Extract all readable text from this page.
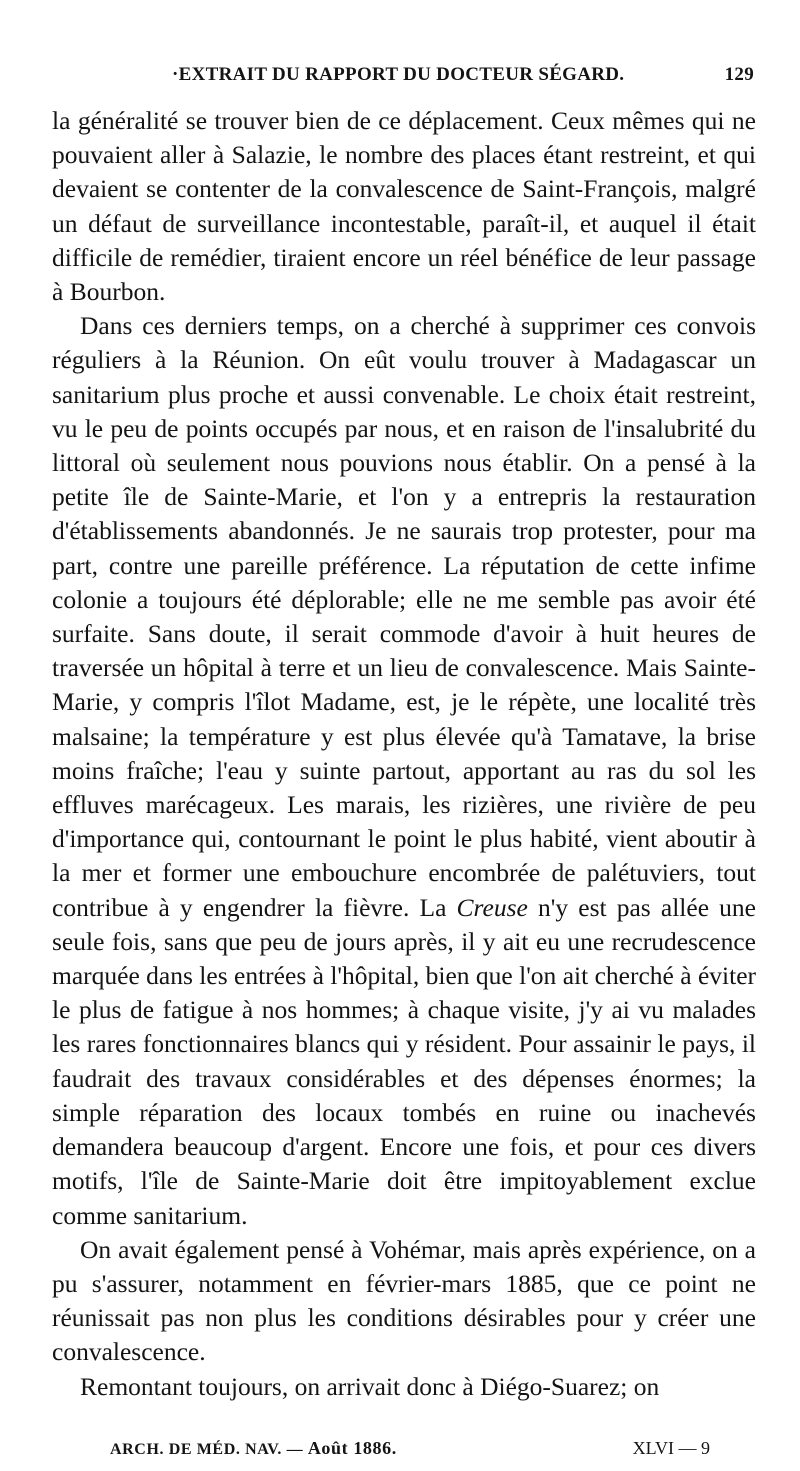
·EXTRAIT DU RAPPORT DU DOCTEUR SÉGARD.	129

la généralité se trouver bien de ce déplacement. Ceux mêmes qui ne pouvaient aller à Salazie, le nombre des places étant restreint, et qui devaient se contenter de la convalescence de Saint-François, malgré un défaut de surveillance incontestable, paraît-il, et auquel il était difficile de remédier, tiraient encore un réel bénéfice de leur passage à Bourbon.

Dans ces derniers temps, on a cherché à supprimer ces convois réguliers à la Réunion. On eût voulu trouver à Madagascar un sanitarium plus proche et aussi convenable. Le choix était restreint, vu le peu de points occupés par nous, et en raison de l'insalubrité du littoral où seulement nous pouvions nous établir. On a pensé à la petite île de Sainte-Marie, et l'on y a entrepris la restauration d'établissements abandonnés. Je ne saurais trop protester, pour ma part, contre une pareille préférence. La réputation de cette infime colonie a toujours été déplorable; elle ne me semble pas avoir été surfaite. Sans doute, il serait commode d'avoir à huit heures de traversée un hôpital à terre et un lieu de convalescence. Mais Sainte-Marie, y compris l'îlot Madame, est, je le répète, une localité très malsaine; la température y est plus élevée qu'à Tamatave, la brise moins fraîche; l'eau y suinte partout, apportant au ras du sol les effluves marécageux. Les marais, les rizières, une rivière de peu d'importance qui, contournant le point le plus habité, vient aboutir à la mer et former une embouchure encombrée de palétuviers, tout contribue à y engendrer la fièvre. La Creuse n'y est pas allée une seule fois, sans que peu de jours après, il y ait eu une recrudescence marquée dans les entrées à l'hôpital, bien que l'on ait cherché à éviter le plus de fatigue à nos hommes; à chaque visite, j'y ai vu malades les rares fonctionnaires blancs qui y résident. Pour assainir le pays, il faudrait des travaux considérables et des dépenses énormes; la simple réparation des locaux tombés en ruine ou inachevés demandera beaucoup d'argent. Encore une fois, et pour ces divers motifs, l'île de Sainte-Marie doit être impitoyablement exclue comme sanitarium.

On avait également pensé à Vohémar, mais après expérience, on a pu s'assurer, notamment en février-mars 1885, que ce point ne réunissait pas non plus les conditions désirables pour y créer une convalescence.

Remontant toujours, on arrivait donc à Diégo-Suarez; on

ARCH. DE MÉD. NAV. — Août 1886.	XLVI — 9
